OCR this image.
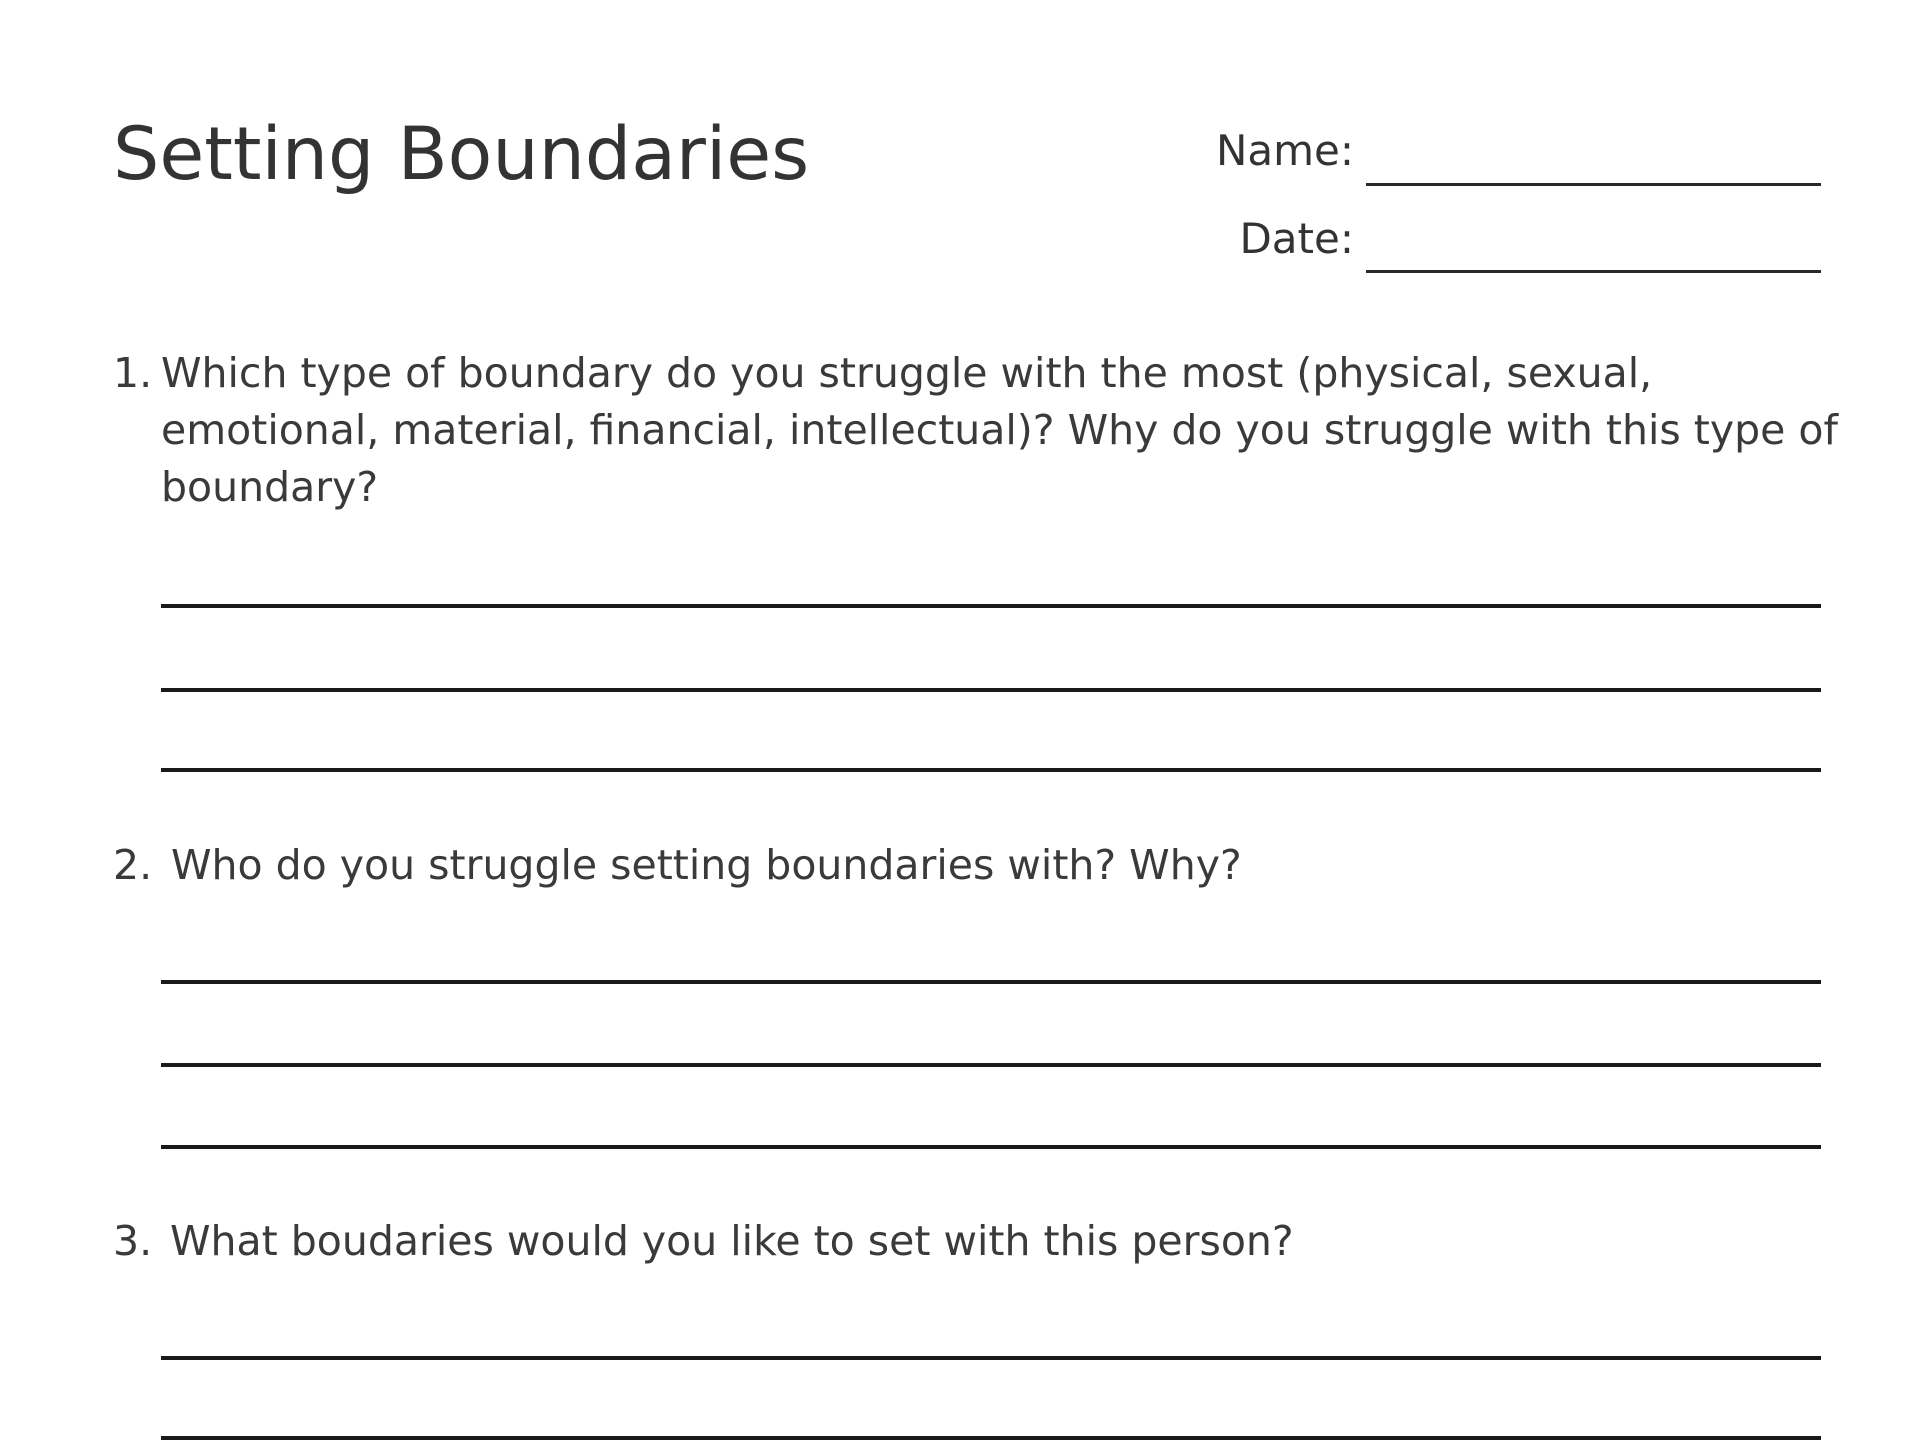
Setting Boundaries	Name:
Date:
1. Which type of boundary do you struggle with the most (physical, sexual, emotional, material, financial, intellectual)? Why do you struggle with this type of boundary?

2. Who do you struggle setting boundaries with? Why?

3. What boudaries would you like to set with this person?
